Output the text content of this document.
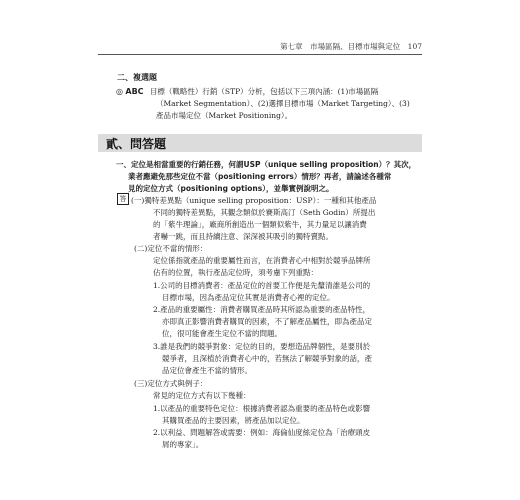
第七章　市場區隔、目標市場與定位　107
二、複選題
◎ ABC 目標（戰略性）行銷（STP）分析，包括以下三項內涵：(1)市場區隔
（Market Segmentation）、(2)選擇目標市場（Market Targeting）、(3)
產品市場定位（Market Positioning）。
貳、問答題
一、定位是相當重要的行銷任務，何謂USP（unique selling proposition）？其次，
業者應避免那些定位不當（positioning errors）情形？再者，請論述各種常
見的定位方式（positioning options），並舉實例說明之。
答 (一)獨特差異點（unique selling proposition：USP）：一種和其他產品
不同的獨特差異點，其觀念類似於賽斯高汀（Seth Godin）所提出
的「紫牛理論」，廠商所創造出一個類似紫牛，其力量足以讓消費
者嚇一跳，而且持續注意、深深被其吸引的獨特賣點。
(二)定位不當的情形：
定位係指就產品的重要屬性而言，在消費者心中相對於競爭品牌所
佔有的位置，執行產品定位時，須考慮下列重點：
1.公司的目標消費者：產品定位的首要工作便是先釐清誰是公司的
目標市場，因為產品定位其實是消費者心裡的定位。
2.產品的重要屬性：消費者購買產品時其所認為重要的產品特性，
亦即真正影響消費者購買的因素，不了解產品屬性，即為產品定
位，很可能會產生定位不當的問題。
3.誰是我們的競爭對象：定位的目的，要想造品牌個性，是要別於
競爭者，且深植於消費者心中的，若無法了解競爭對象的話，產
品定位會產生不當的情形。
(三)定位方式與例子：
常見的定位方式有以下幾種：
1.以產品的重要特色定位：根據消費者認為重要的產品特色或影響
其購買產品的主要因素，將產品加以定位。
2.以利益、問題解答或需要：例如：海倫仙度絲定位為「治療頭皮
屑的專家」。
